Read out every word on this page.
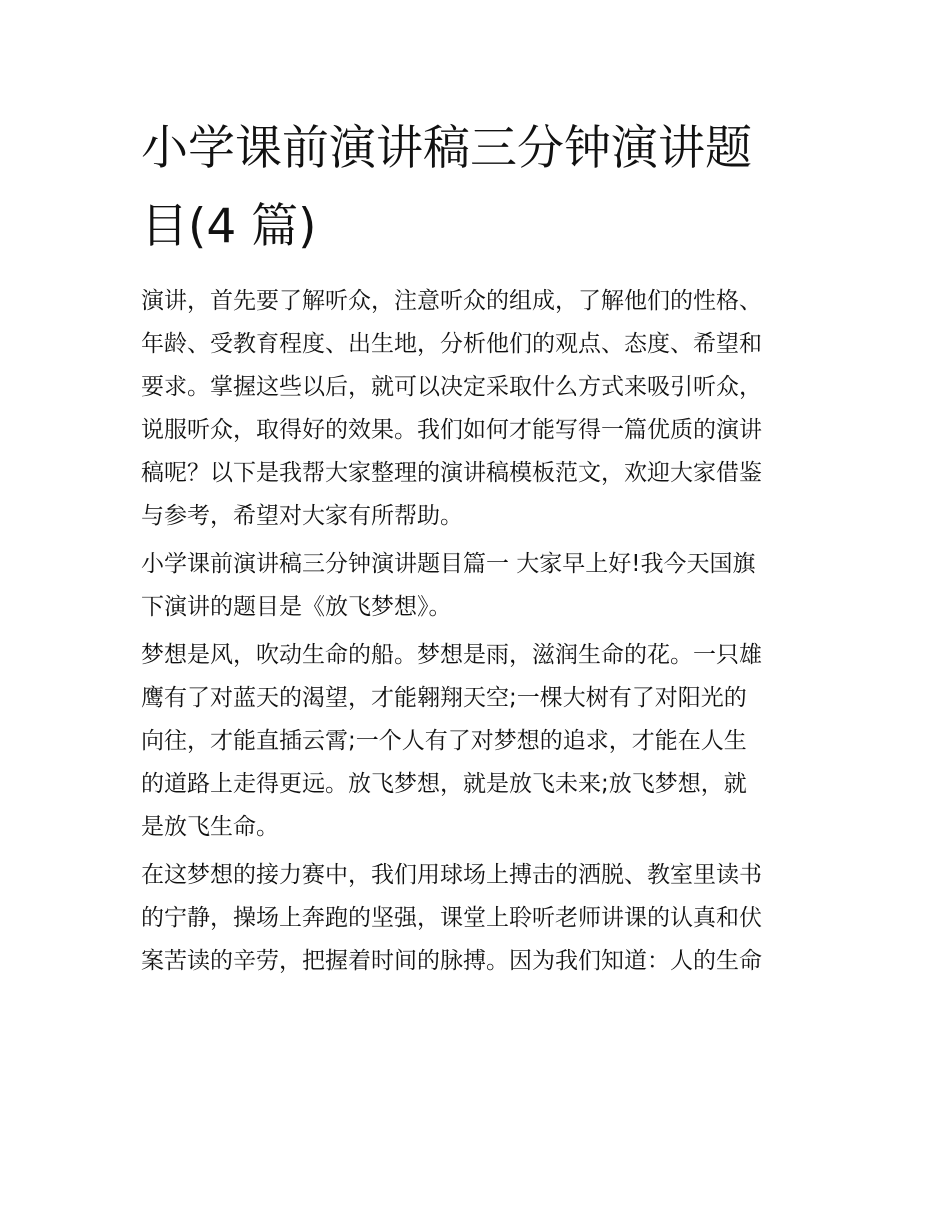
小学课前演讲稿三分钟演讲题
目(4 篇)

演讲，首先要了解听众，注意听众的组成，了解他们的性格、
年龄、受教育程度、出生地，分析他们的观点、态度、希望和
要求。掌握这些以后，就可以决定采取什么方式来吸引听众，
说服听众，取得好的效果。我们如何才能写得一篇优质的演讲
稿呢？以下是我帮大家整理的演讲稿模板范文，欢迎大家借鉴
与参考，希望对大家有所帮助。

小学课前演讲稿三分钟演讲题目篇一 大家早上好!我今天国旗
下演讲的题目是《放飞梦想》。

梦想是风，吹动生命的船。梦想是雨，滋润生命的花。一只雄
鹰有了对蓝天的渴望，才能翱翔天空;一棵大树有了对阳光的
向往，才能直插云霄;一个人有了对梦想的追求，才能在人生
的道路上走得更远。放飞梦想，就是放飞未来;放飞梦想，就
是放飞生命。

在这梦想的接力赛中，我们用球场上搏击的洒脱、教室里读书
的宁静，操场上奔跑的坚强，课堂上聆听老师讲课的认真和伏
案苦读的辛劳，把握着时间的脉搏。因为我们知道：人的生命
